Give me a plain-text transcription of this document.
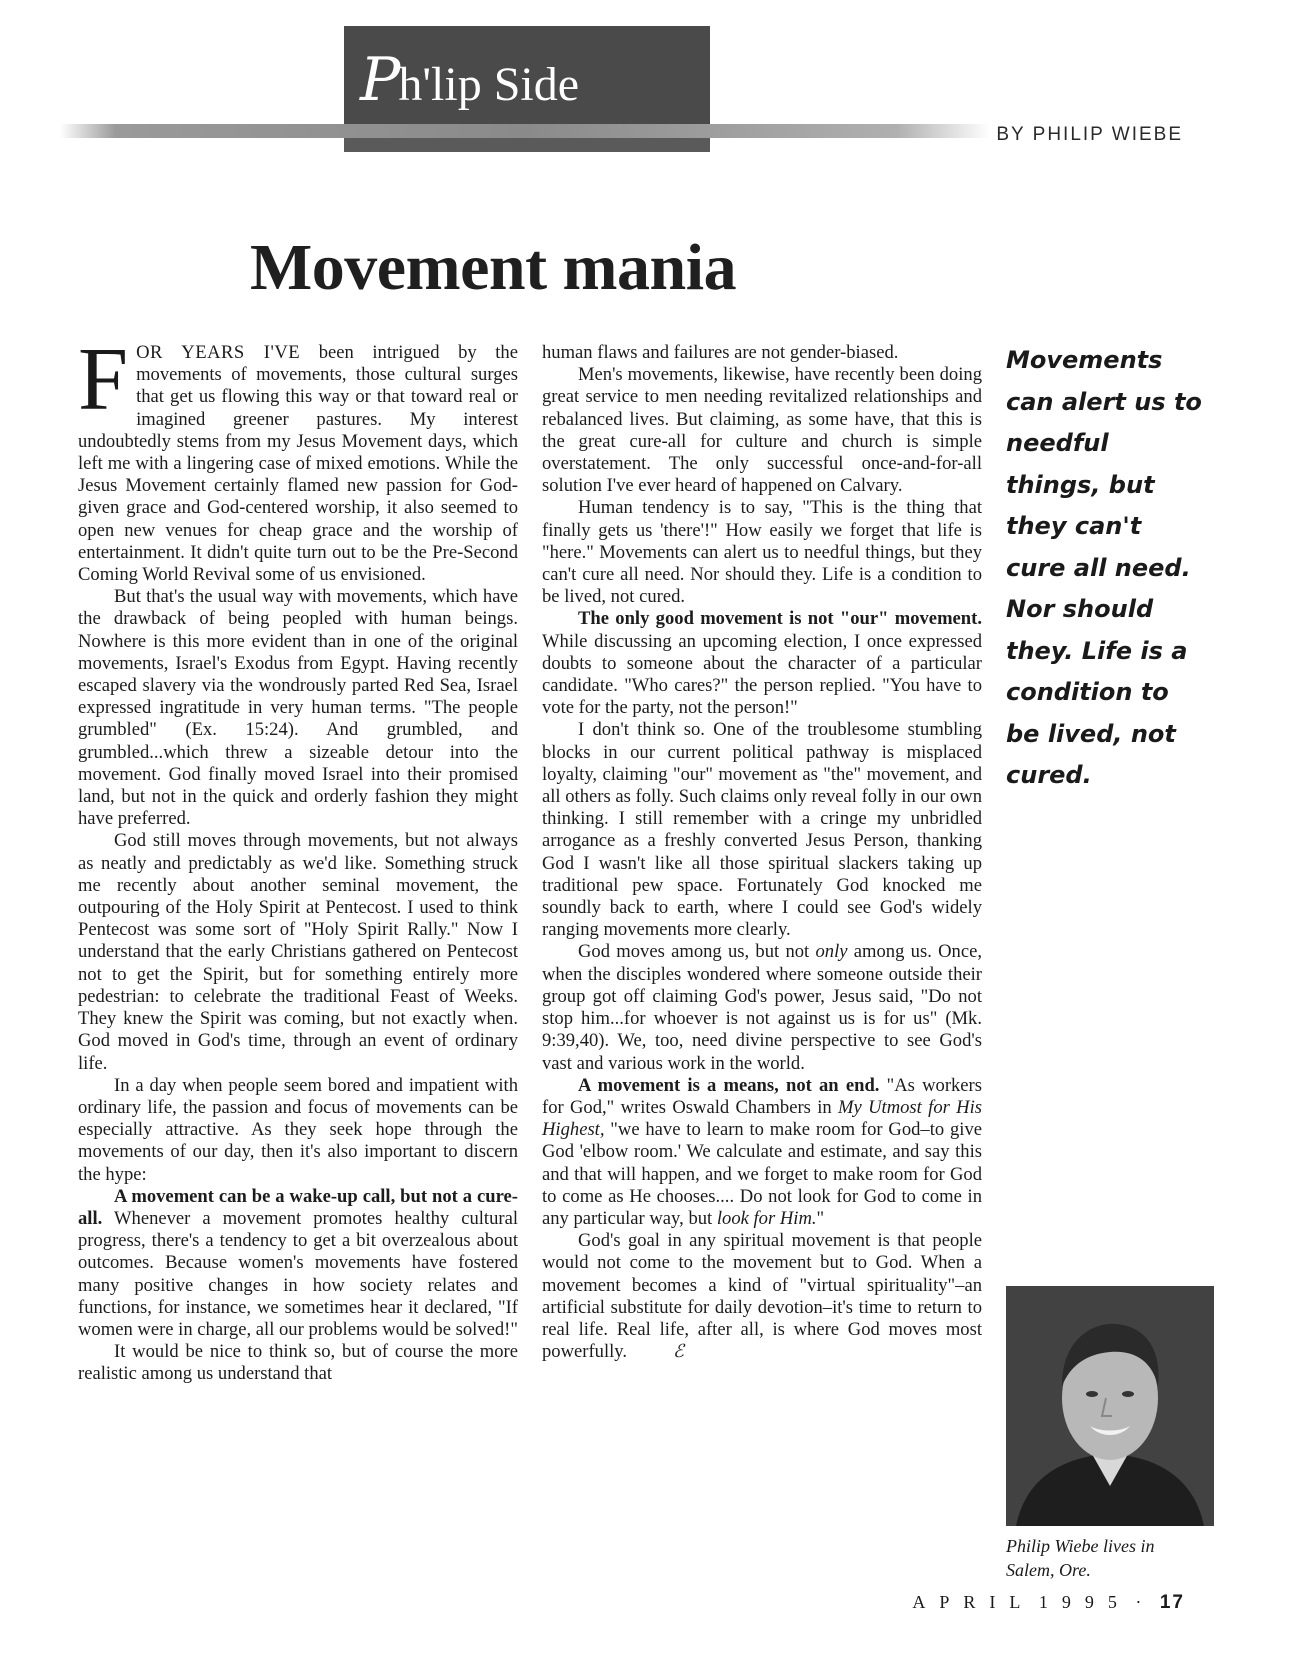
Ph'lip Side
BY PHILIP WIEBE
Movement mania

FOR YEARS I'VE been intrigued by the movements of movements, those cultural surges that get us flowing this way or that toward real or imagined greener pastures. My interest undoubtedly stems from my Jesus Movement days, which left me with a lingering case of mixed emotions. While the Jesus Movement certainly flamed new passion for God-given grace and God-centered worship, it also seemed to open new venues for cheap grace and the worship of entertainment. It didn't quite turn out to be the Pre-Second Coming World Revival some of us envisioned.

But that's the usual way with movements, which have the drawback of being peopled with human beings. Nowhere is this more evident than in one of the original movements, Israel's Exodus from Egypt. Having recently escaped slavery via the wondrously parted Red Sea, Israel expressed ingratitude in very human terms. "The people grumbled" (Ex. 15:24). And grumbled, and grumbled...which threw a sizeable detour into the movement. God finally moved Israel into their promised land, but not in the quick and orderly fashion they might have preferred.

God still moves through movements, but not always as neatly and predictably as we'd like. Something struck me recently about another seminal movement, the outpouring of the Holy Spirit at Pentecost. I used to think Pentecost was some sort of "Holy Spirit Rally." Now I understand that the early Christians gathered on Pentecost not to get the Spirit, but for something entirely more pedestrian: to celebrate the traditional Feast of Weeks. They knew the Spirit was coming, but not exactly when. God moved in God's time, through an event of ordinary life.

In a day when people seem bored and impatient with ordinary life, the passion and focus of movements can be especially attractive. As they seek hope through the movements of our day, then it's also important to discern the hype:

A movement can be a wake-up call, but not a cure-all. Whenever a movement promotes healthy cultural progress, there's a tendency to get a bit overzealous about outcomes. Because women's movements have fostered many positive changes in how society relates and functions, for instance, we sometimes hear it declared, "If women were in charge, all our problems would be solved!"

It would be nice to think so, but of course the more realistic among us understand that

human flaws and failures are not gender-biased.

Men's movements, likewise, have recently been doing great service to men needing revitalized relationships and rebalanced lives. But claiming, as some have, that this is the great cure-all for culture and church is simple overstatement. The only successful once-and-for-all solution I've ever heard of happened on Calvary.

Human tendency is to say, "This is the thing that finally gets us 'there'!" How easily we forget that life is "here." Movements can alert us to needful things, but they can't cure all need. Nor should they. Life is a condition to be lived, not cured.

The only good movement is not "our" movement. While discussing an upcoming election, I once expressed doubts to someone about the character of a particular candidate. "Who cares?" the person replied. "You have to vote for the party, not the person!"

I don't think so. One of the troublesome stumbling blocks in our current political pathway is misplaced loyalty, claiming "our" movement as "the" movement, and all others as folly. Such claims only reveal folly in our own thinking. I still remember with a cringe my unbridled arrogance as a freshly converted Jesus Person, thanking God I wasn't like all those spiritual slackers taking up traditional pew space. Fortunately God knocked me soundly back to earth, where I could see God's widely ranging movements more clearly.

God moves among us, but not only among us. Once, when the disciples wondered where someone outside their group got off claiming God's power, Jesus said, "Do not stop him...for whoever is not against us is for us" (Mk. 9:39,40). We, too, need divine perspective to see God's vast and various work in the world.

A movement is a means, not an end. "As workers for God," writes Oswald Chambers in My Utmost for His Highest, "we have to learn to make room for God–to give God 'elbow room.' We calculate and estimate, and say this and that will happen, and we forget to make room for God to come as He chooses.... Do not look for God to come in any particular way, but look for Him."

God's goal in any spiritual movement is that people would not come to the movement but to God. When a movement becomes a kind of "virtual spirituality"–an artificial substitute for daily devotion–it's time to return to real life. Real life, after all, is where God moves most powerfully.	ℰ

Movements can alert us to needful things, but they can't cure all need. Nor should they. Life is a condition to be lived, not cured.

Philip Wiebe lives in Salem, Ore.
APRIL 1995 · 17
